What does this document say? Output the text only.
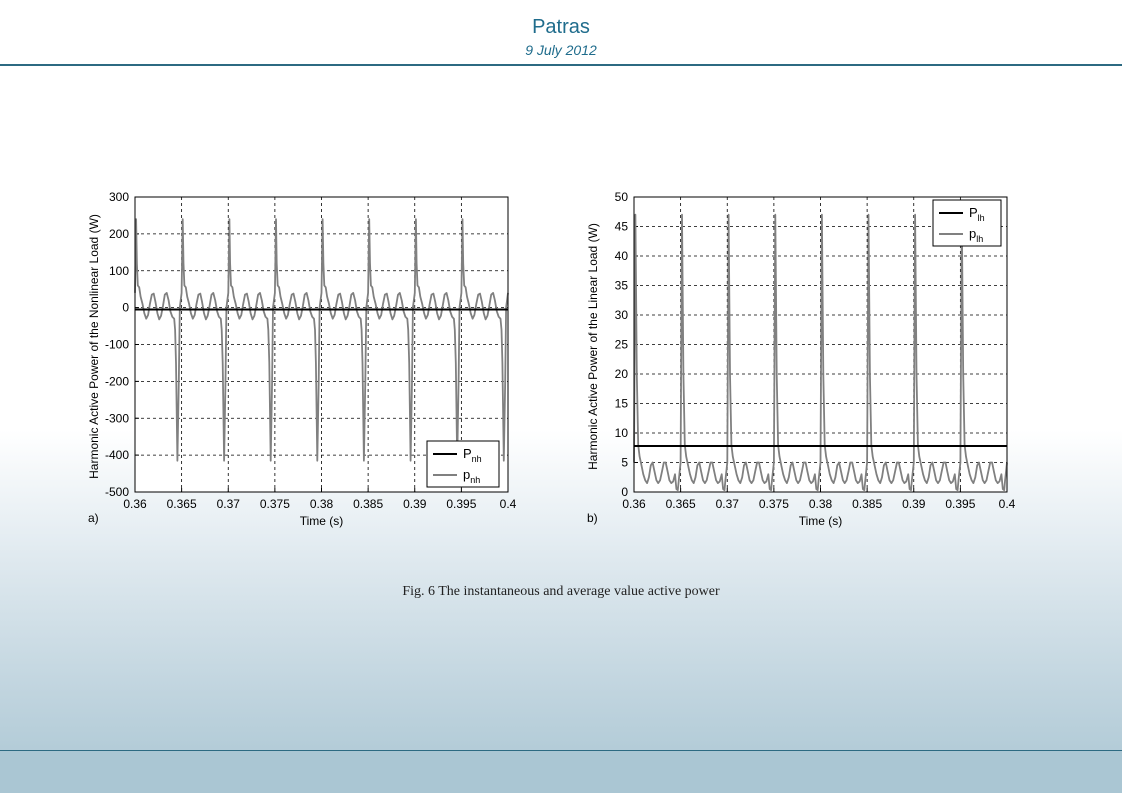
Patras
9 July 2012
0.36 0.365 0.37 0.375 0.38 0.385 0.39 0.395 0.4
300
200
100
0
-100
-200
-300
-400
-500
Time (s)
Harmonic Active Power of the Nonlinear Load (W)
a)
$P_{nh}$
$p_{nh}$
0.36 0.365 0.37 0.375 0.38 0.385 0.39 0.395 0.4
50
45
40
35
30
25
20
15
10
5
0
Time (s)
Harmonic Active Power of the Linear Load (W)
b)
$P_{lh}$
$p_{lh}$
Fig. 6 The instantaneous and average value active power
